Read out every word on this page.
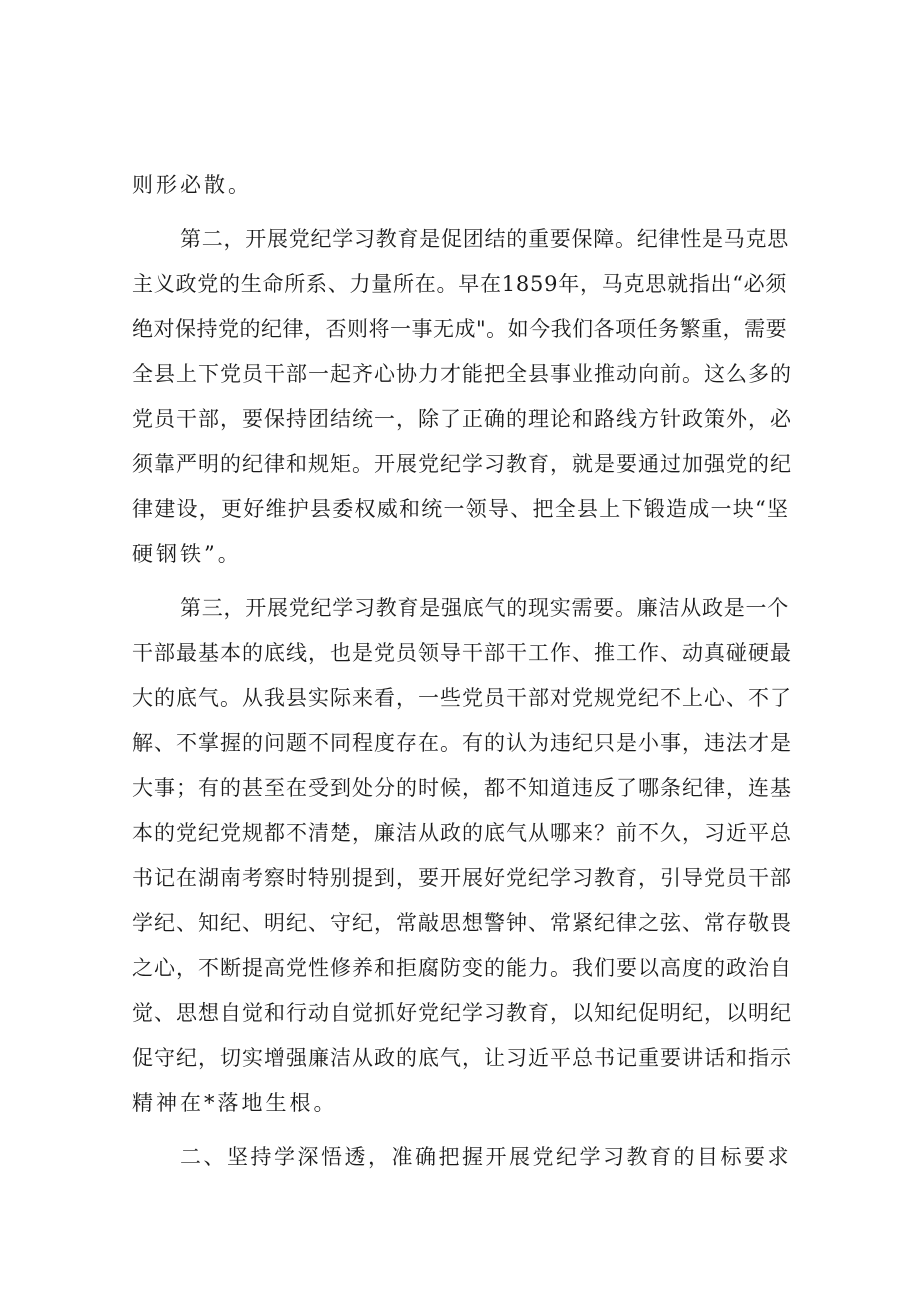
则形必散。

第二，开展党纪学习教育是促团结的重要保障。纪律性是马克思
主义政党的生命所系、力量所在。早在1859年，马克思就指出“必须
绝对保持党的纪律，否则将一事无成"。如今我们各项任务繁重，需要
全县上下党员干部一起齐心协力才能把全县事业推动向前。这么多的
党员干部，要保持团结统一，除了正确的理论和路线方针政策外，必
须靠严明的纪律和规矩。开展党纪学习教育，就是要通过加强党的纪
律建设，更好维护县委权威和统一领导、把全县上下锻造成一块“坚
硬钢铁”。

第三，开展党纪学习教育是强底气的现实需要。廉洁从政是一个
干部最基本的底线，也是党员领导干部干工作、推工作、动真碰硬最
大的底气。从我县实际来看，一些党员干部对党规党纪不上心、不了
解、不掌握的问题不同程度存在。有的认为违纪只是小事，违法才是
大事；有的甚至在受到处分的时候，都不知道违反了哪条纪律，连基
本的党纪党规都不清楚，廉洁从政的底气从哪来？前不久，习近平总
书记在湖南考察时特别提到，要开展好党纪学习教育，引导党员干部
学纪、知纪、明纪、守纪，常敲思想警钟、常紧纪律之弦、常存敬畏
之心，不断提高党性修养和拒腐防变的能力。我们要以高度的政治自
觉、思想自觉和行动自觉抓好党纪学习教育，以知纪促明纪，以明纪
促守纪，切实增强廉洁从政的底气，让习近平总书记重要讲话和指示
精神在*落地生根。

二、坚持学深悟透，准确把握开展党纪学习教育的目标要求
